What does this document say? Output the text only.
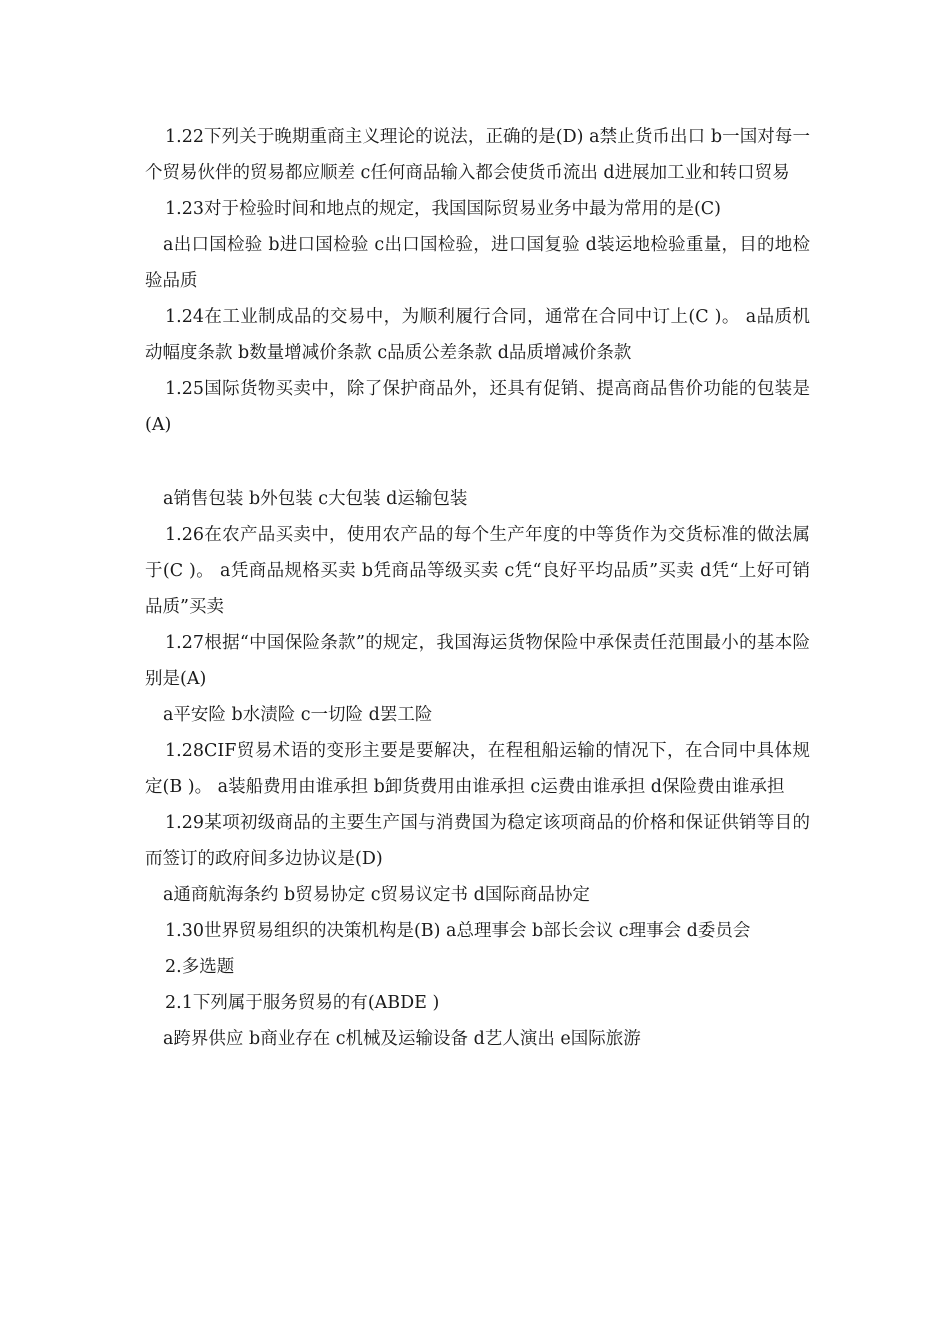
1.22下列关于晚期重商主义理论的说法，正确的是(D) a禁止货币出口 b一国对每一个贸易伙伴的贸易都应顺差 c任何商品输入都会使货币流出 d进展加工业和转口贸易

1.23对于检验时间和地点的规定，我国国际贸易业务中最为常用的是(C)

a出口国检验 b进口国检验 c出口国检验，进口国复验 d装运地检验重量，目的地检验品质

1.24在工业制成品的交易中，为顺利履行合同，通常在合同中订上(C )。 a品质机动幅度条款 b数量增减价条款 c品质公差条款 d品质增减价条款

1.25国际货物买卖中，除了保护商品外，还具有促销、提高商品售价功能的包装是(A)

a销售包装 b外包装 c大包装 d运输包装

1.26在农产品买卖中，使用农产品的每个生产年度的中等货作为交货标准的做法属于(C )。 a凭商品规格买卖 b凭商品等级买卖 c凭“良好平均品质”买卖 d凭“上好可销品质”买卖

1.27根据“中国保险条款”的规定，我国海运货物保险中承保责任范围最小的基本险别是(A)

a平安险 b水渍险 c一切险 d罢工险

1.28CIF贸易术语的变形主要是要解决，在程租船运输的情况下，在合同中具体规定(B )。 a装船费用由谁承担 b卸货费用由谁承担 c运费由谁承担 d保险费由谁承担

1.29某项初级商品的主要生产国与消费国为稳定该项商品的价格和保证供销等目的而签订的政府间多边协议是(D)

a通商航海条约 b贸易协定 c贸易议定书 d国际商品协定

1.30世界贸易组织的决策机构是(B) a总理事会 b部长会议 c理事会 d委员会

2.多选题

2.1下列属于服务贸易的有(ABDE )

a跨界供应 b商业存在 c机械及运输设备 d艺人演出 e国际旅游
